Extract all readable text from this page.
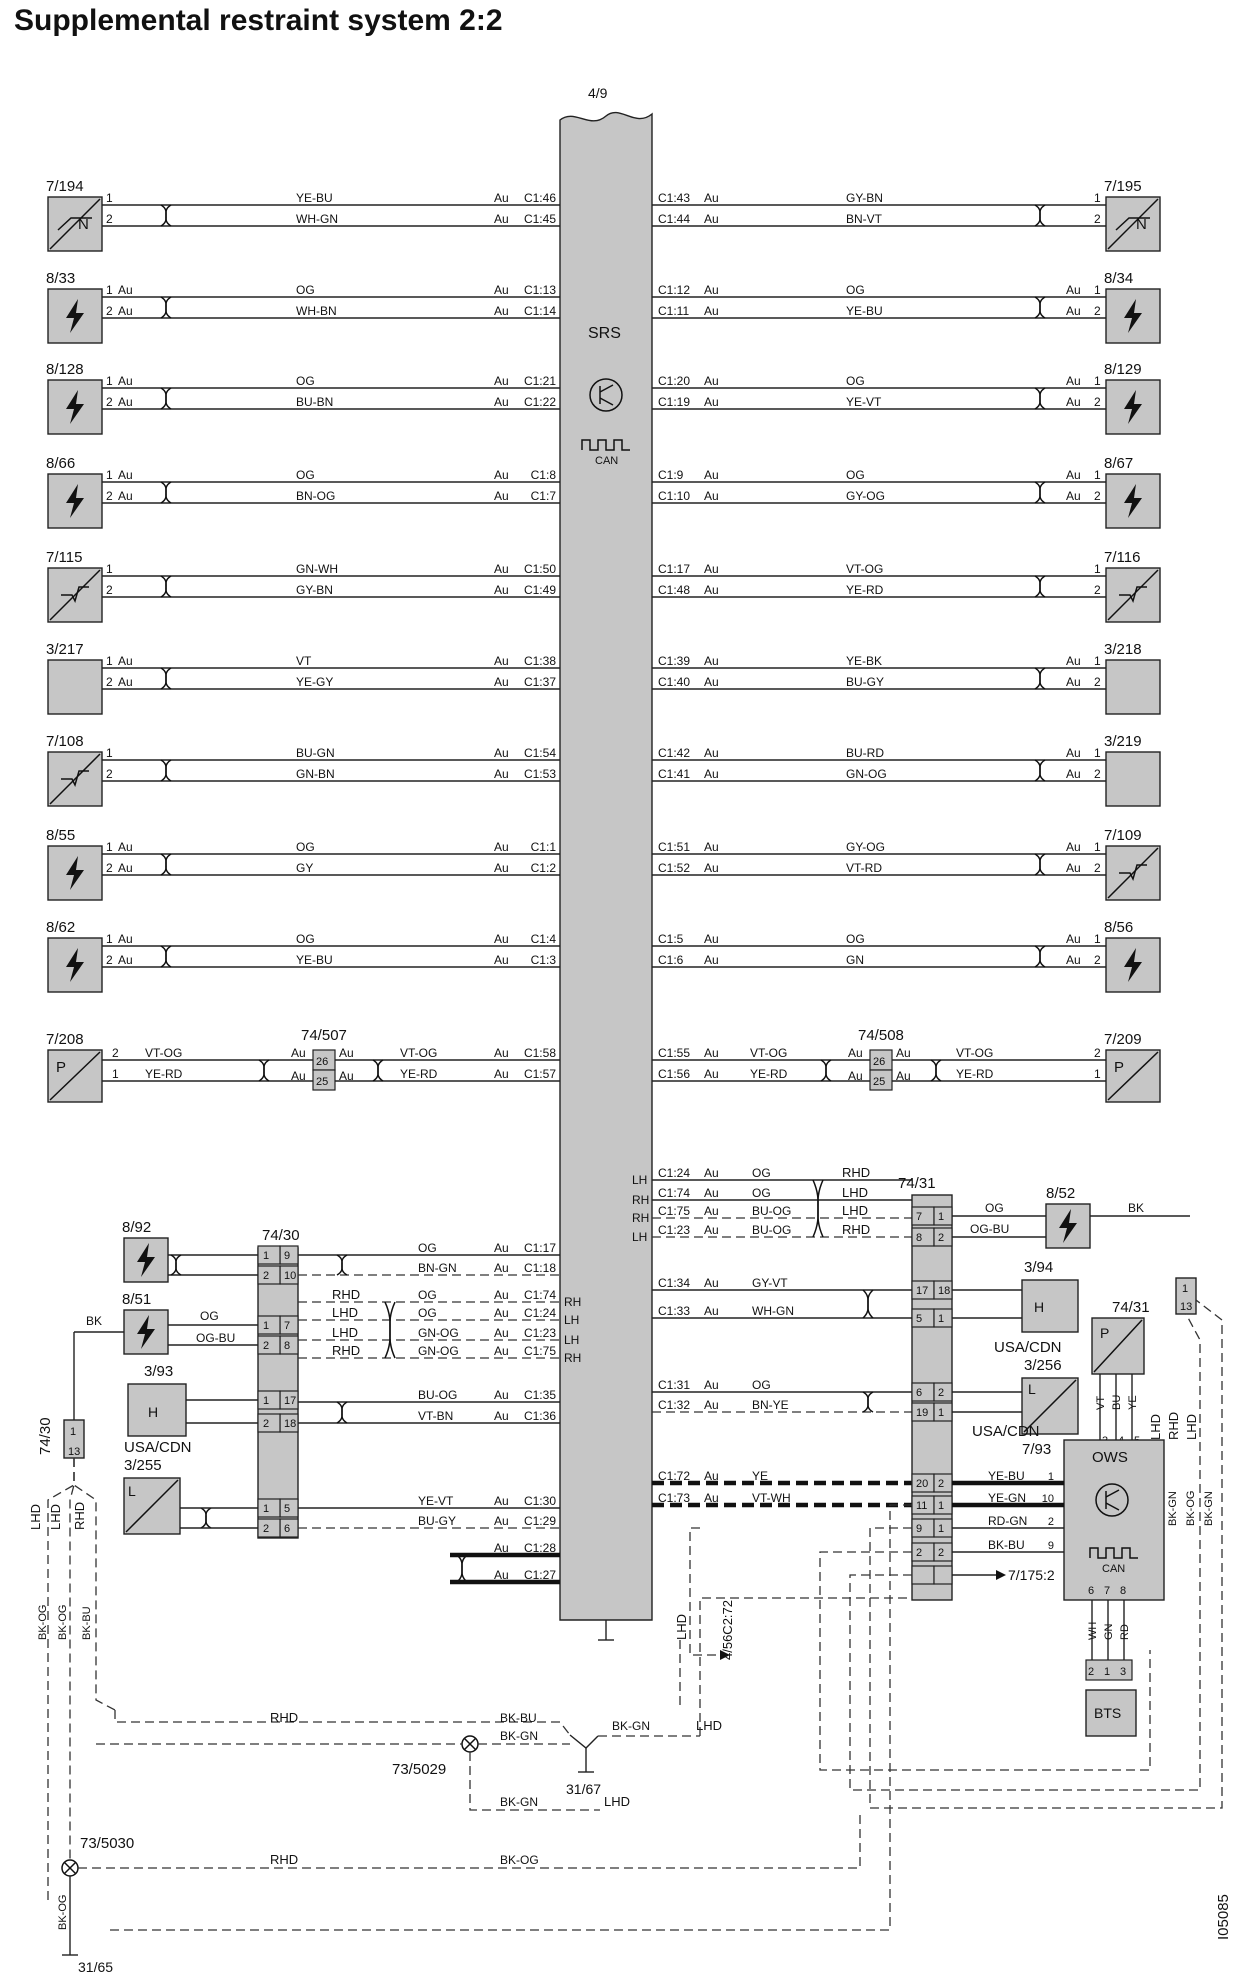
Supplemental restraint system 2:2
4/9
SRS
CAN
N
7/194
1
2
YE-BU
WH-GN
Au
Au
C1:46
C1:45
8/33
1
2
Au
Au
OG
WH-BN
Au
Au
C1:13
C1:14
8/128
1
2
Au
Au
OG
BU-BN
Au
Au
C1:21
C1:22
8/66
1
2
Au
Au
OG
BN-OG
Au
Au
C1:8
C1:7
7/115
1
2
GN-WH
GY-BN
Au
Au
C1:50
C1:49
3/217
1
2
Au
Au
VT
YE-GY
Au
Au
C1:38
C1:37
7/108
1
2
BU-GN
GN-BN
Au
Au
C1:54
C1:53
8/55
1
2
Au
Au
OG
GY
Au
Au
C1:1
C1:2
8/62
1
2
Au
Au
OG
YE-BU
Au
Au
C1:4
C1:3
N
7/195
1
2
GY-BN
BN-VT
C1:43
C1:44
Au
Au
8/34
1
2
Au
Au
OG
YE-BU
C1:12
C1:11
Au
Au
8/129
1
2
Au
Au
OG
YE-VT
C1:20
C1:19
Au
Au
8/67
1
2
Au
Au
OG
GY-OG
C1:9
C1:10
Au
Au
7/116
1
2
VT-OG
YE-RD
C1:17
C1:48
Au
Au
3/218
1
2
Au
Au
YE-BK
BU-GY
C1:39
C1:40
Au
Au
3/219
1
2
Au
Au
BU-RD
GN-OG
C1:42
C1:41
Au
Au
7/109
1
2
Au
Au
GY-OG
VT-RD
C1:51
C1:52
Au
Au
8/56
1
2
Au
Au
OG
GN
C1:5
C1:6
Au
Au
P
7/208
26
25
74/507
Au	Au
Au	Au
2
1
VT-OG
YE-RD
VT-OG
YE-RD
Au
Au
C1:58
C1:57	P
7/209
26
25
74/508
Au	Au
Au	Au
C1:55
C1:56
Au
Au
VT-OG
YE-RD
VT-OG
YE-RD
2
1
74/30
9
1
10
2
7
1
8
2
17
1
18
2
5
1
6
2
8/92
8/51
BK	OG
OG-BU
H
3/93
L
USA/CDN
3/255
1
13
74/30
LHD
BK-OG
LHD
BK-OG
RHD
BK-BU
OG	Au C1:17
BN-GN	Au C1:18
OG	Au C1:74 RH
RHD
OG	Au C1:24 LH
LHD
GN-OG	Au C1:23 LH
LHD
GN-OG	Au C1:75 RH
RHD
BU-OG	Au C1:35
VT-BN	Au C1:36
YE-VT	Au C1:30
BU-GY	Au C1:29
Au C1:28
Au C1:27
LH C1:24 Au	OG	RHD
RH C1:74 Au	OG	LHD
RH C1:75 Au	BU-OG	LHD
LH C1:23 Au	BU-OG	RHD
C1:34 Au	GY-VT
C1:33 Au	WH-GN
C1:31 Au	OG
C1:32 Au	BN-YE
C1:72 Au	YE
C1:73 Au	VT-WH
74/31
7 1
8 2
17 18
5 1
6 2
19 1
20 2
11 1
9 1
2 2
8/52
BK
OG
OG-BU
H
3/94
L
USA/CDN
3/256
P
VT BU YE
1
13
74/31
LHD RHD LHD
OWS
CAN
USA/CDN
7/93
BK-GN BK-OG BK-GN
YE-BU 1
YE-GN 10
RD-GN 2
BK-BU 9
7/175:2
6
WH
7
GN
8
RD
2 1 3
BTS
4/56C2:72
LHD
73/5029
BK-BU
BK-GN
BK-GN
RHD
LHD
31/67
BK-GN	LHD
73/5030
RHD	BK-OG
BK-OG
31/65
I05085
